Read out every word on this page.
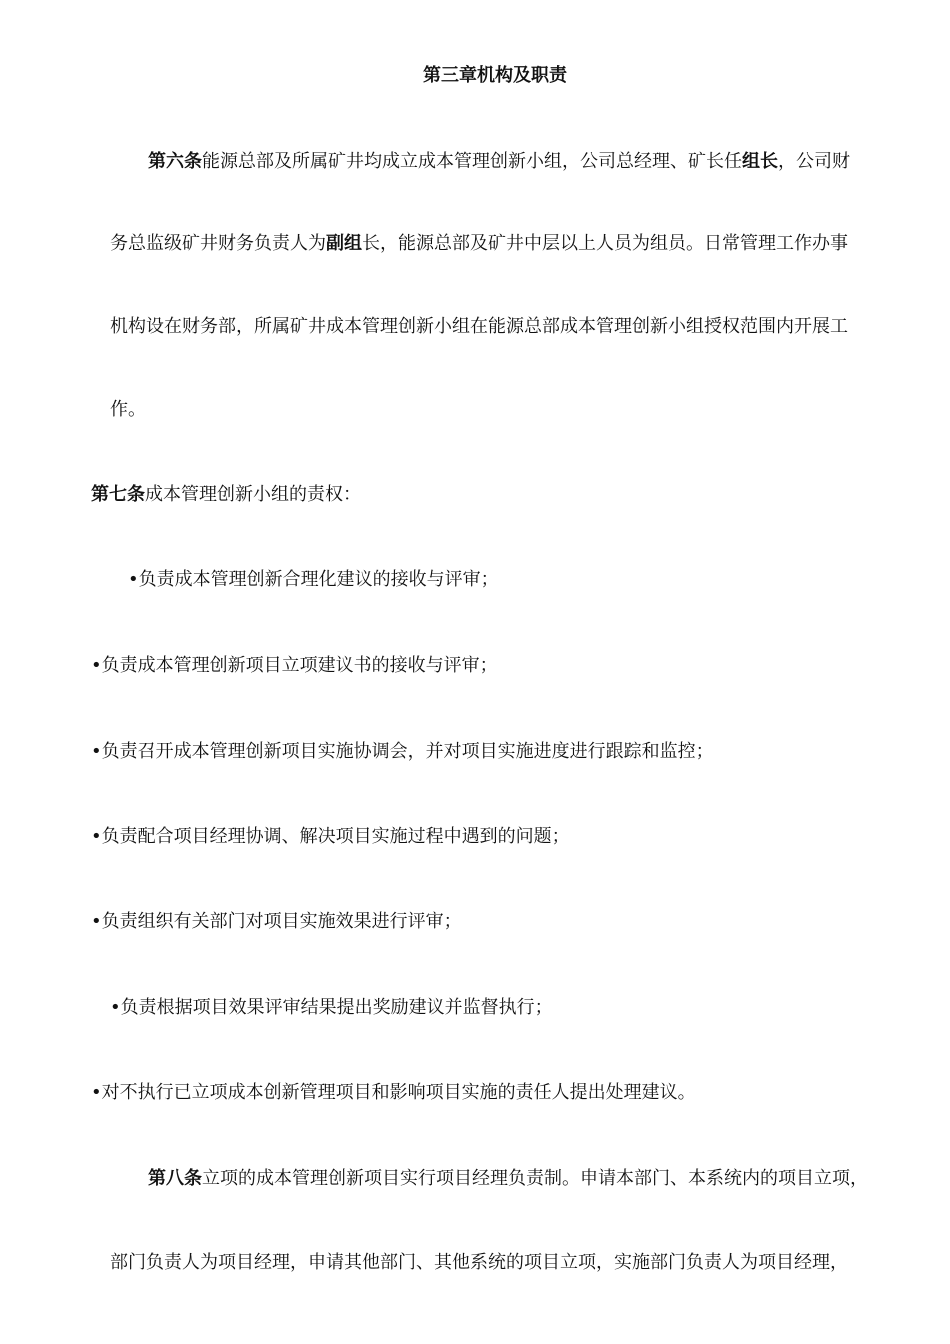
第三章机构及职责
第六条能源总部及所属矿井均成立成本管理创新小组，公司总经理、矿长任组长，公司财
务总监级矿井财务负责人为副组长，能源总部及矿井中层以上人员为组员。日常管理工作办事
机构设在财务部，所属矿井成本管理创新小组在能源总部成本管理创新小组授权范围内开展工
作。
第七条成本管理创新小组的责权：
•负责成本管理创新合理化建议的接收与评审；
•负责成本管理创新项目立项建议书的接收与评审；
•负责召开成本管理创新项目实施协调会，并对项目实施进度进行跟踪和监控；
•负责配合项目经理协调、解决项目实施过程中遇到的问题；
•负责组织有关部门对项目实施效果进行评审；
•负责根据项目效果评审结果提出奖励建议并监督执行；
•对不执行已立项成本创新管理项目和影响项目实施的责任人提出处理建议。
第八条立项的成本管理创新项目实行项目经理负责制。申请本部门、本系统内的项目立项，
部门负责人为项目经理，申请其他部门、其他系统的项目立项，实施部门负责人为项目经理，
